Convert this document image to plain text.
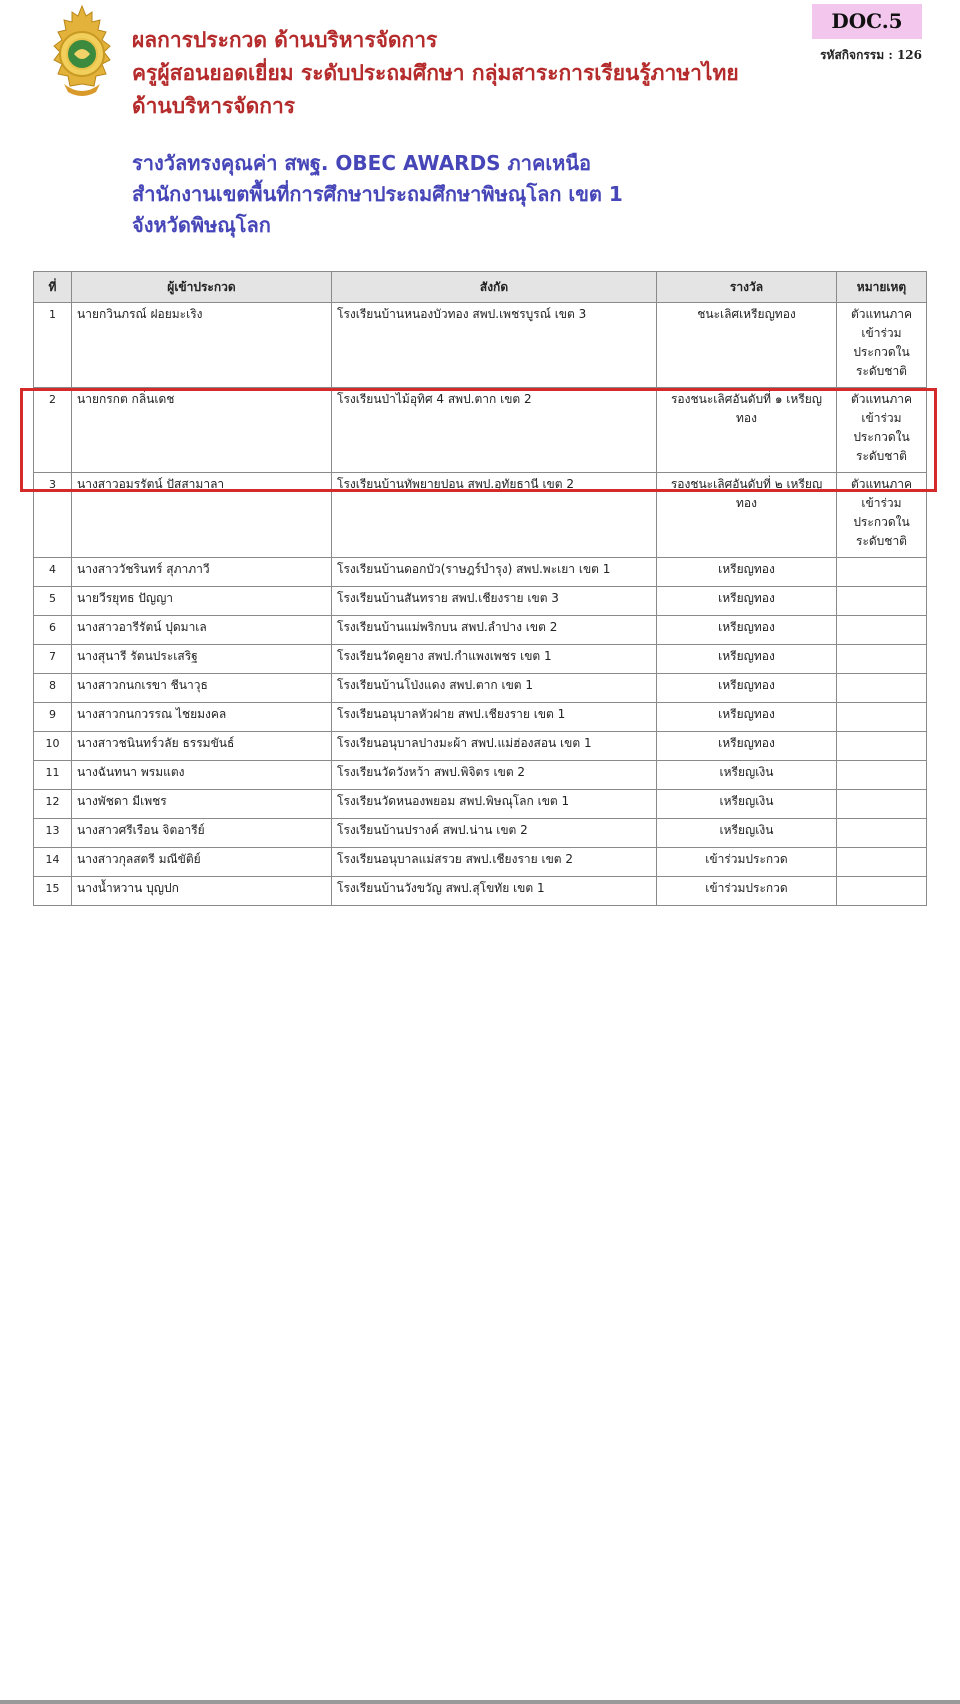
ผลการประกวด ด้านบริหารจัดการ
ครูผู้สอนยอดเยี่ยม ระดับประถมศึกษา กลุ่มสาระการเรียนรู้ภาษาไทย
ด้านบริหารจัดการ
DOC.5
รหัสกิจกรรม : 126
รางวัลทรงคุณค่า สพฐ. OBEC AWARDS ภาคเหนือ
สำนักงานเขตพื้นที่การศึกษาประถมศึกษาพิษณุโลก เขต 1
จังหวัดพิษณุโลก
ที่	ผู้เข้าประกวด	สังกัด	รางวัล	หมายเหตุ
1	นายกวินภรณ์ ฝอยมะเริง	โรงเรียนบ้านหนองบัวทอง สพป.เพชรบูรณ์ เขต 3	ชนะเลิศเหรียญทอง	ตัวแทนภาค เข้าร่วม ประกวดใน ระดับชาติ
2	นายกรกต กลิ่นเดช	โรงเรียนป่าไม้อุทิศ 4 สพป.ตาก เขต 2	รองชนะเลิศอันดับที่ ๑ เหรียญทอง	ตัวแทนภาค เข้าร่วม ประกวดใน ระดับชาติ
3	นางสาวอมรรัตน์ ปัสสามาลา	โรงเรียนบ้านทัพยายปอน สพป.อุทัยธานี เขต 2	รองชนะเลิศอันดับที่ ๒ เหรียญทอง	ตัวแทนภาค เข้าร่วม ประกวดใน ระดับชาติ
4	นางสาววัชรินทร์ สุภาภาวี	โรงเรียนบ้านดอกบัว(ราษฎร์บำรุง) สพป.พะเยา เขต 1	เหรียญทอง	
5	นายวีรยุทธ ปัญญา	โรงเรียนบ้านสันทราย สพป.เชียงราย เขต 3	เหรียญทอง	
6	นางสาวอารีรัตน์ ปุดมาเล	โรงเรียนบ้านแม่พริกบน สพป.ลำปาง เขต 2	เหรียญทอง	
7	นางสุนารี รัตนประเสริฐ	โรงเรียนวัดคูยาง สพป.กำแพงเพชร เขต 1	เหรียญทอง	
8	นางสาวกนกเรขา ชีนาวุธ	โรงเรียนบ้านโป่งแดง สพป.ตาก เขต 1	เหรียญทอง	
9	นางสาวกนกวรรณ ไชยมงคล	โรงเรียนอนุบาลหัวฝาย สพป.เชียงราย เขต 1	เหรียญทอง	
10	นางสาวชนินทร์วลัย ธรรมขันธ์	โรงเรียนอนุบาลปางมะผ้า สพป.แม่ฮ่องสอน เขต 1	เหรียญทอง	
11	นางฉันทนา พรมแตง	โรงเรียนวัดวังหว้า สพป.พิจิตร เขต 2	เหรียญเงิน	
12	นางพัชดา มีเพชร	โรงเรียนวัดหนองพยอม สพป.พิษณุโลก เขต 1	เหรียญเงิน	
13	นางสาวศรีเรือน จิตอารีย์	โรงเรียนบ้านปรางค์ สพป.น่าน เขต 2	เหรียญเงิน	
14	นางสาวกุลสตรี มณีขัติย์	โรงเรียนอนุบาลแม่สรวย สพป.เชียงราย เขต 2	เข้าร่วมประกวด	
15	นางน้ำหวาน บุญปก	โรงเรียนบ้านวังขวัญ สพป.สุโขทัย เขต 1	เข้าร่วมประกวด	
